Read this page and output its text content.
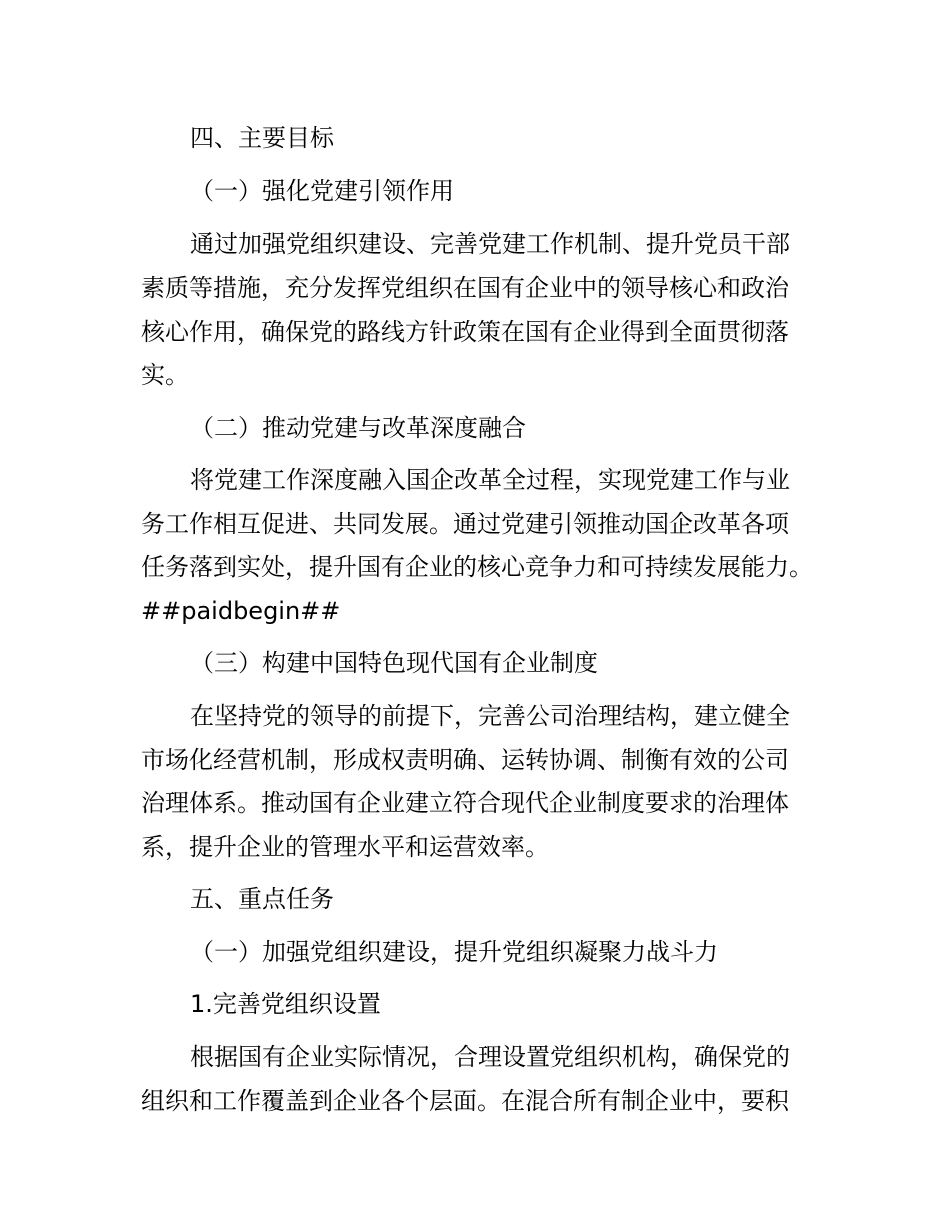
四、主要目标
（一）强化党建引领作用
通过加强党组织建设、完善党建工作机制、提升党员干部
素质等措施，充分发挥党组织在国有企业中的领导核心和政治
核心作用，确保党的路线方针政策在国有企业得到全面贯彻落
实。
（二）推动党建与改革深度融合
将党建工作深度融入国企改革全过程，实现党建工作与业
务工作相互促进、共同发展。通过党建引领推动国企改革各项
任务落到实处，提升国有企业的核心竞争力和可持续发展能力。
##paidbegin##
（三）构建中国特色现代国有企业制度
在坚持党的领导的前提下，完善公司治理结构，建立健全
市场化经营机制，形成权责明确、运转协调、制衡有效的公司
治理体系。推动国有企业建立符合现代企业制度要求的治理体
系，提升企业的管理水平和运营效率。
五、重点任务
（一）加强党组织建设，提升党组织凝聚力战斗力
1.完善党组织设置
根据国有企业实际情况，合理设置党组织机构，确保党的
组织和工作覆盖到企业各个层面。在混合所有制企业中，要积
